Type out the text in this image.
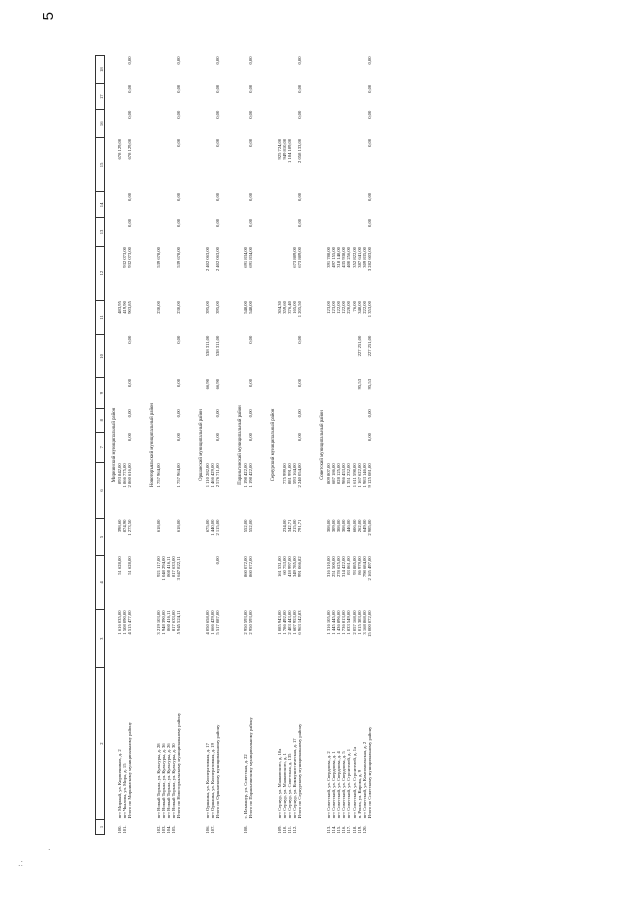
5
1	2	3	4	5	6	7	8	9	10	11	12	13	14	15	16	17	18
Мирнинский муниципальный район																	
100.	пгт Мирный, ул. Кирпичников, д. 2	1 616 035,00	51 628,00	398,60	893 842,00					483,95				678 129,00			
101.	пгт Чкалова, ул. Мира, д. 15	1 508 090,00		874,90	1 866 775,00					419,90	932 073,00						
	Итого по Мирнинскому муниципальному району	4 515 477,00	51 628,00	1 273,50	2 860 616,00	0,00	0,00	0,00	0,00	903,85	932 073,00	0,00	0,00	678 129,00	0,00	0,00	0,00

Новоторъяльский муниципальный район																	
102.	пгт Новый Торъял, ул. Культуры, д. 28	3 219 103,00	921 117,00	618,00	1 757 964,00					230,00	539 678,00						
103.	пгт Новый Торъял, ул. Культуры, д. 36	1 948 390,00	1 048 294,00														
104.	пгт Новый Торъял, ул. Культуры, д. 26	860 416,11	860 416,11														
105.	пгт Новый Торъял, ул. Культуры, д. 30	817 633,00	817 633,00														
	Итого по Новоторъяльскому муниципальному району	5 945 524,11	3 647 822,11	618,00	1 757 964,00	0,00	0,00	0,00	0,00	230,00	539 678,00	0,00	0,00	0,00	0,00	0,00	0,00

Оршанский муниципальный район																	
106.	пгт Оршанка, ул. Кооперативная, д. 17	4 050 658,00		675,00	1 110 282,00			66,90	538 311,00	395,00	2 402 063,00						
107.	пгт Оршанка, ул. Кооперативная, д. 19	1 666 429,00		1 440,00	1 466 429,00												
	Итого по Оршанскому муниципальному району	5 517 087,00	0,00	2 115,00	2 576 711,00	0,00	0,00	66,90	538 311,00	395,00	2 402 063,00	0,00	0,00	0,00	0,00	0,00	0,00

Параньгинский муниципальный район																	
108.	с. Ильпанур, ул. Советская, д. 22	2 950 593,00	860 072,00	552,00	1 198 422,00					548,00	691 834,00						
	Итого по Параньгинскому муниципальному району	2 950 593,00	860 072,00	552,00	1 198 422,00	0,00	0,00	0,00	0,00	548,00	691 834,00	0,00	0,00	0,00	0,00	0,00	0,00

Сернурский муниципальный район																	
109.	пгт Сернур, ул. Маяковского, д. 10а	1 085 943,00	161 531,00							304,30				925 724,00			
110.	пгт Сернур, ул. Маяковского, д. 1	1 786 492,00	60 753,00	234,00	775 999,00					359,60				949 810,00			
111.	пгт Сернур, ул. Советская, д. 135	2 483 443,00	418 997,00	342,71	881 991,00					376,40				1 184 189,00			
112.	пгт Сернур, ул. Коммунистическая, д. 17	1 607 953,00	349 785,00	215,00	593 164,00					165,00	673 889,00						
	Итого по Сернурскому муниципальному району	6 963 142,83	991 066,82	791,71	2 240 054,00	0,00	0,00	0,00	0,00	1 205,50	673 889,00	0,00	0,00	2 058 133,00	0,00	0,00	0,00

Советский муниципальный район																	
113.	пгт Советский, ул. Свердлова, д. 2	1 316 105,00	316 510,00	308,00	809 807,00					123,00	391 788,00						
114.	пгт Советский, ул. Свердлова, д. 1	1 445 445,00	251 500,00	309,00	687 186,00					123,00	497 155,00						
115.	пгт Советский, ул. Свердлова, д. 4	1 436 896,00	278 625,00	308,00	828 125,00					122,00	318 148,00						
116.	пгт Советский, ул. Свердлова, д. 5	1 736 813,00	314 422,00	308,00	986 453,00					122,00	435 938,00						
117.	пгт Советский, ул. Строителей, д. 1	1 833 549,00	83 861,00	446,00	1 351 232,00					220,00	400 256,00						
118.	пгт Советский, ул. Строителей, д. 1а	2 057 168,00	93 885,00	606,00	1 611 598,00					76,00	352 822,00						
119.	п. Ронга, ул. Кирова, д. 9	1 015 383,00	86 979,00	262,00	1 167 622,00			95,53	227 251,00	348,00	387 641,00						
120.	пгт Советский, ул. Комсомольская, д. 2	3 168 868,00	798 684,00	649,00	1 983 146,00					222,00	309 835,00						
	Итого по Советскому муниципальному району	15 000 072,00	2 165 497,00	2 985,00	9 125 081,00	0,00	0,00	95,53	227 251,00	1 353,00	3 282 603,00	0,00	0,00	0,00	0,00	0,00	0,00
.:
.
